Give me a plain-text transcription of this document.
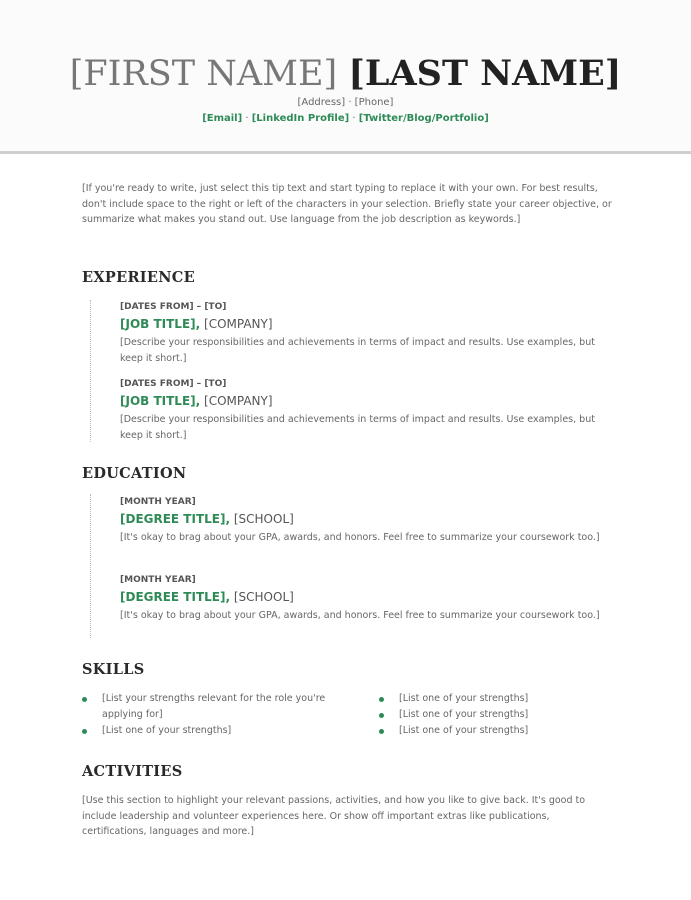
[FIRST NAME] [LAST NAME]
[Address] · [Phone]
[Email] · [LinkedIn Profile] · [Twitter/Blog/Portfolio]
[If you're ready to write, just select this tip text and start typing to replace it with your own. For best results, don't include space to the right or left of the characters in your selection. Briefly state your career objective, or summarize what makes you stand out. Use language from the job description as keywords.]
EXPERIENCE
[DATES FROM] – [TO]
[JOB TITLE], [COMPANY]
[Describe your responsibilities and achievements in terms of impact and results. Use examples, but keep it short.]
[DATES FROM] – [TO]
[JOB TITLE], [COMPANY]
[Describe your responsibilities and achievements in terms of impact and results. Use examples, but keep it short.]
EDUCATION
[MONTH YEAR]
[DEGREE TITLE], [SCHOOL]
[It's okay to brag about your GPA, awards, and honors. Feel free to summarize your coursework too.]
[MONTH YEAR]
[DEGREE TITLE], [SCHOOL]
[It's okay to brag about your GPA, awards, and honors. Feel free to summarize your coursework too.]
SKILLS
[List your strengths relevant for the role you're applying for]
[List one of your strengths]
[List one of your strengths]
[List one of your strengths]
[List one of your strengths]
ACTIVITIES
[Use this section to highlight your relevant passions, activities, and how you like to give back. It's good to include leadership and volunteer experiences here. Or show off important extras like publications, certifications, languages and more.]
